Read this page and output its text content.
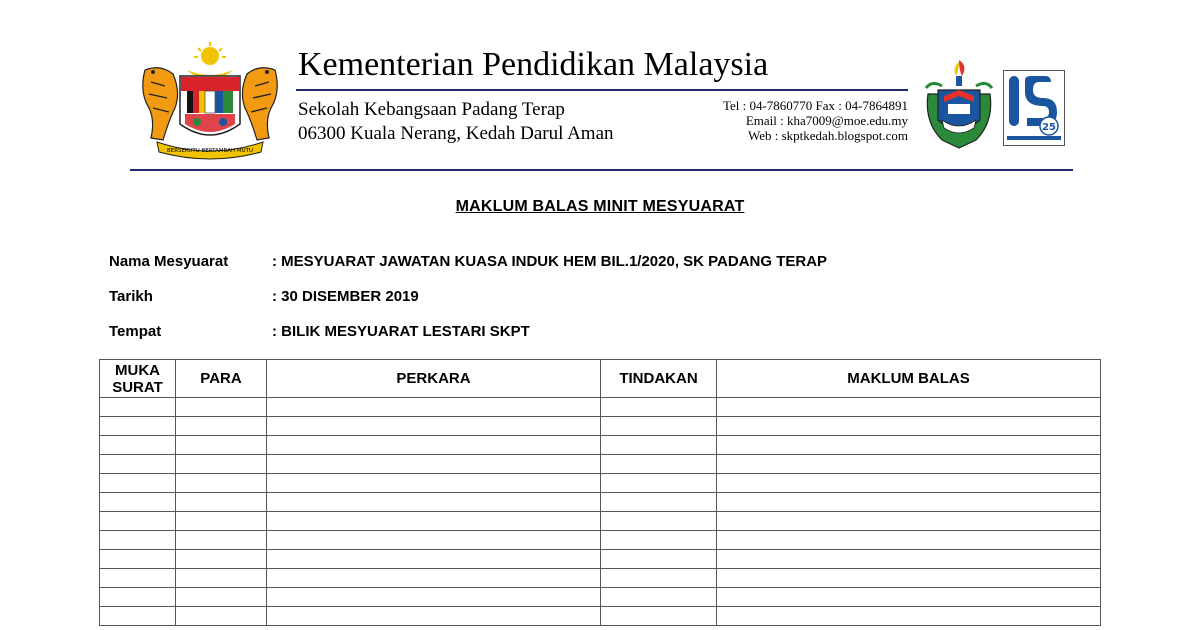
BERSEKUTU BERTAMBAH MUTU
Kementerian Pendidikan Malaysia
Sekolah Kebangsaan Padang Terap
06300 Kuala Nerang, Kedah Darul Aman
Tel : 04-7860770 Fax : 04-7864891
Email : kha7009@moe.edu.my
Web : skptkedah.blogspot.com
25
MAKLUM BALAS MINIT MESYUARAT
Nama Mesyuarat	: MESYUARAT JAWATAN KUASA INDUK HEM BIL.1/2020, SK PADANG TERAP
Tarikh	: 30 DISEMBER 2019
Tempat	: BILIK MESYUARAT LESTARI SKPT
MUKA
SURAT	PARA	PERKARA	TINDAKAN	MAKLUM BALAS
